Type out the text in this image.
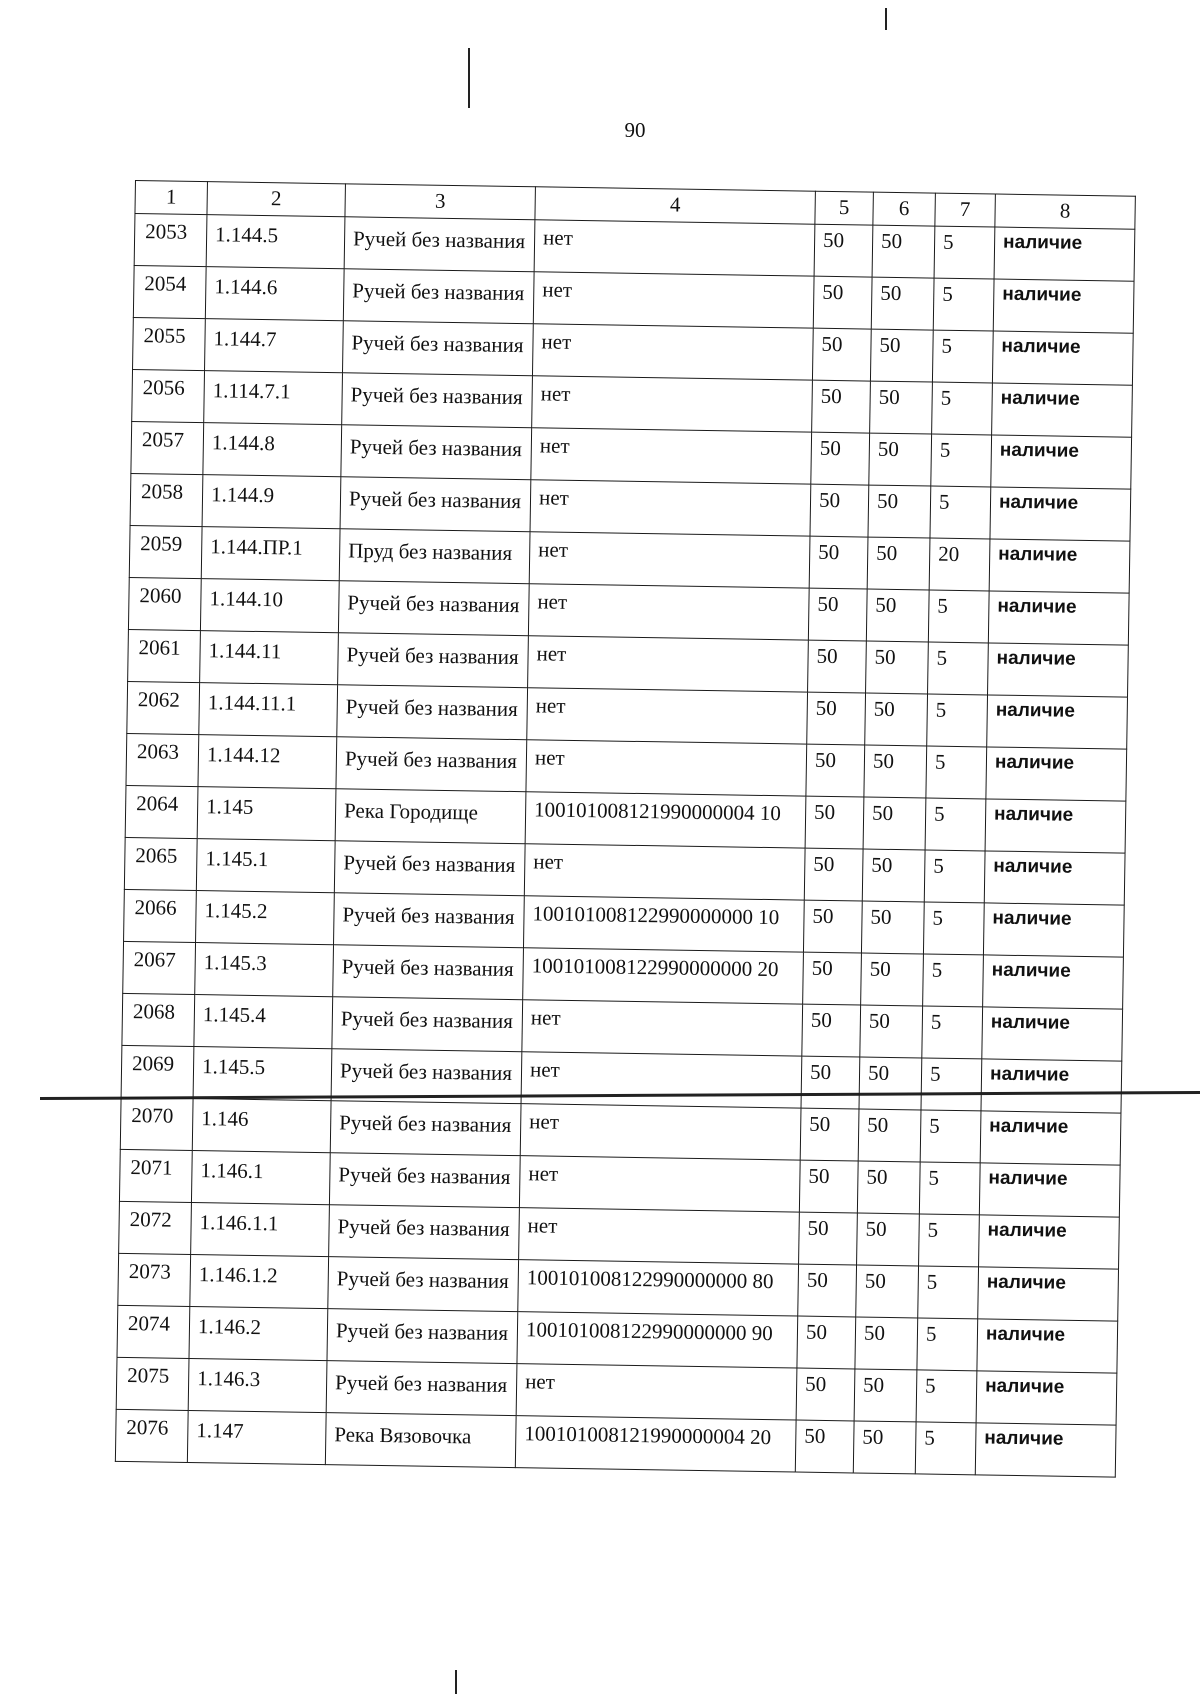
90
1	2	3	4	5	6	7	8
2053	1.144.5	Ручей без названия	нет	50	50	5	наличие
2054	1.144.6	Ручей без названия	нет	50	50	5	наличие
2055	1.144.7	Ручей без названия	нет	50	50	5	наличие
2056	1.114.7.1	Ручей без названия	нет	50	50	5	наличие
2057	1.144.8	Ручей без названия	нет	50	50	5	наличие
2058	1.144.9	Ручей без названия	нет	50	50	5	наличие
2059	1.144.ПР.1	Пруд без названия	нет	50	50	20	наличие
2060	1.144.10	Ручей без названия	нет	50	50	5	наличие
2061	1.144.11	Ручей без названия	нет	50	50	5	наличие
2062	1.144.11.1	Ручей без названия	нет	50	50	5	наличие
2063	1.144.12	Ручей без названия	нет	50	50	5	наличие
2064	1.145	Река Городище	100101008121990000004 10	50	50	5	наличие
2065	1.145.1	Ручей без названия	нет	50	50	5	наличие
2066	1.145.2	Ручей без названия	100101008122990000000 10	50	50	5	наличие
2067	1.145.3	Ручей без названия	100101008122990000000 20	50	50	5	наличие
2068	1.145.4	Ручей без названия	нет	50	50	5	наличие
2069	1.145.5	Ручей без названия	нет	50	50	5	наличие
2070	1.146	Ручей без названия	нет	50	50	5	наличие
2071	1.146.1	Ручей без названия	нет	50	50	5	наличие
2072	1.146.1.1	Ручей без названия	нет	50	50	5	наличие
2073	1.146.1.2	Ручей без названия	100101008122990000000 80	50	50	5	наличие
2074	1.146.2	Ручей без названия	100101008122990000000 90	50	50	5	наличие
2075	1.146.3	Ручей без названия	нет	50	50	5	наличие
2076	1.147	Река Вязовочка	100101008121990000004 20	50	50	5	наличие
